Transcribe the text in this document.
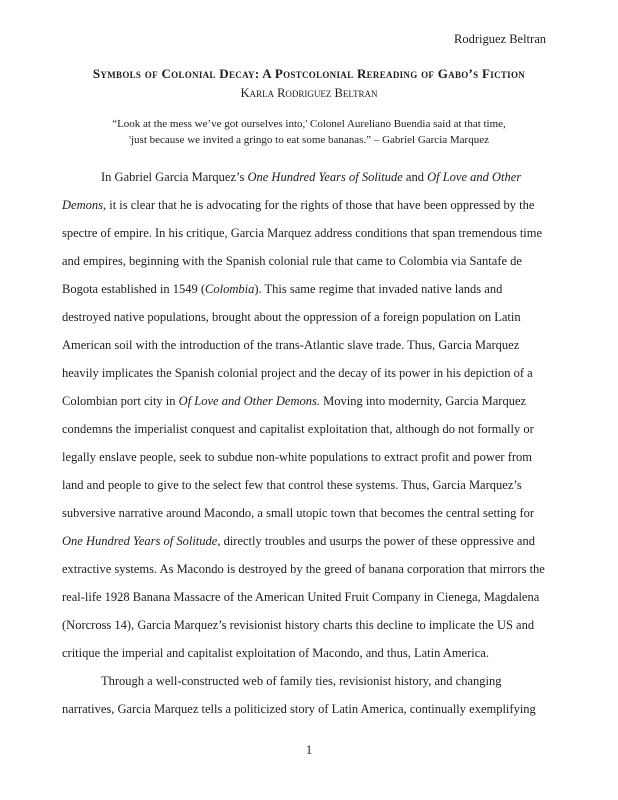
Rodriguez Beltran
Symbols of Colonial Decay: A Postcolonial Rereading of Gabo’s Fiction
Karla Rodriguez Beltran
“Look at the mess we’ve got ourselves into,' Colonel Aureliano Buendia said at that time,
'just because we invited a gringo to eat some bananas.” – Gabriel Garcia Marquez
In Gabriel Garcia Marquez’s One Hundred Years of Solitude and Of Love and Other
Demons, it is clear that he is advocating for the rights of those that have been oppressed by the
spectre of empire. In his critique, Garcia Marquez address conditions that span tremendous time
and empires, beginning with the Spanish colonial rule that came to Colombia via Santafe de
Bogota established in 1549 (Colombia). This same regime that invaded native lands and
destroyed native populations, brought about the oppression of a foreign population on Latin
American soil with the introduction of the trans-Atlantic slave trade. Thus, Garcia Marquez
heavily implicates the Spanish colonial project and the decay of its power in his depiction of a
Colombian port city in Of Love and Other Demons. Moving into modernity, Garcia Marquez
condemns the imperialist conquest and capitalist exploitation that, although do not formally or
legally enslave people, seek to subdue non-white populations to extract profit and power from
land and people to give to the select few that control these systems. Thus, Garcia Marquez’s
subversive narrative around Macondo, a small utopic town that becomes the central setting for
One Hundred Years of Solitude, directly troubles and usurps the power of these oppressive and
extractive systems. As Macondo is destroyed by the greed of banana corporation that mirrors the
real-life 1928 Banana Massacre of the American United Fruit Company in Cienega, Magdalena
(Norcross 14), Garcia Marquez’s revisionist history charts this decline to implicate the US and
critique the imperial and capitalist exploitation of Macondo, and thus, Latin America.
Through a well-constructed web of family ties, revisionist history, and changing
narratives, Garcia Marquez tells a politicized story of Latin America, continually exemplifying
1
